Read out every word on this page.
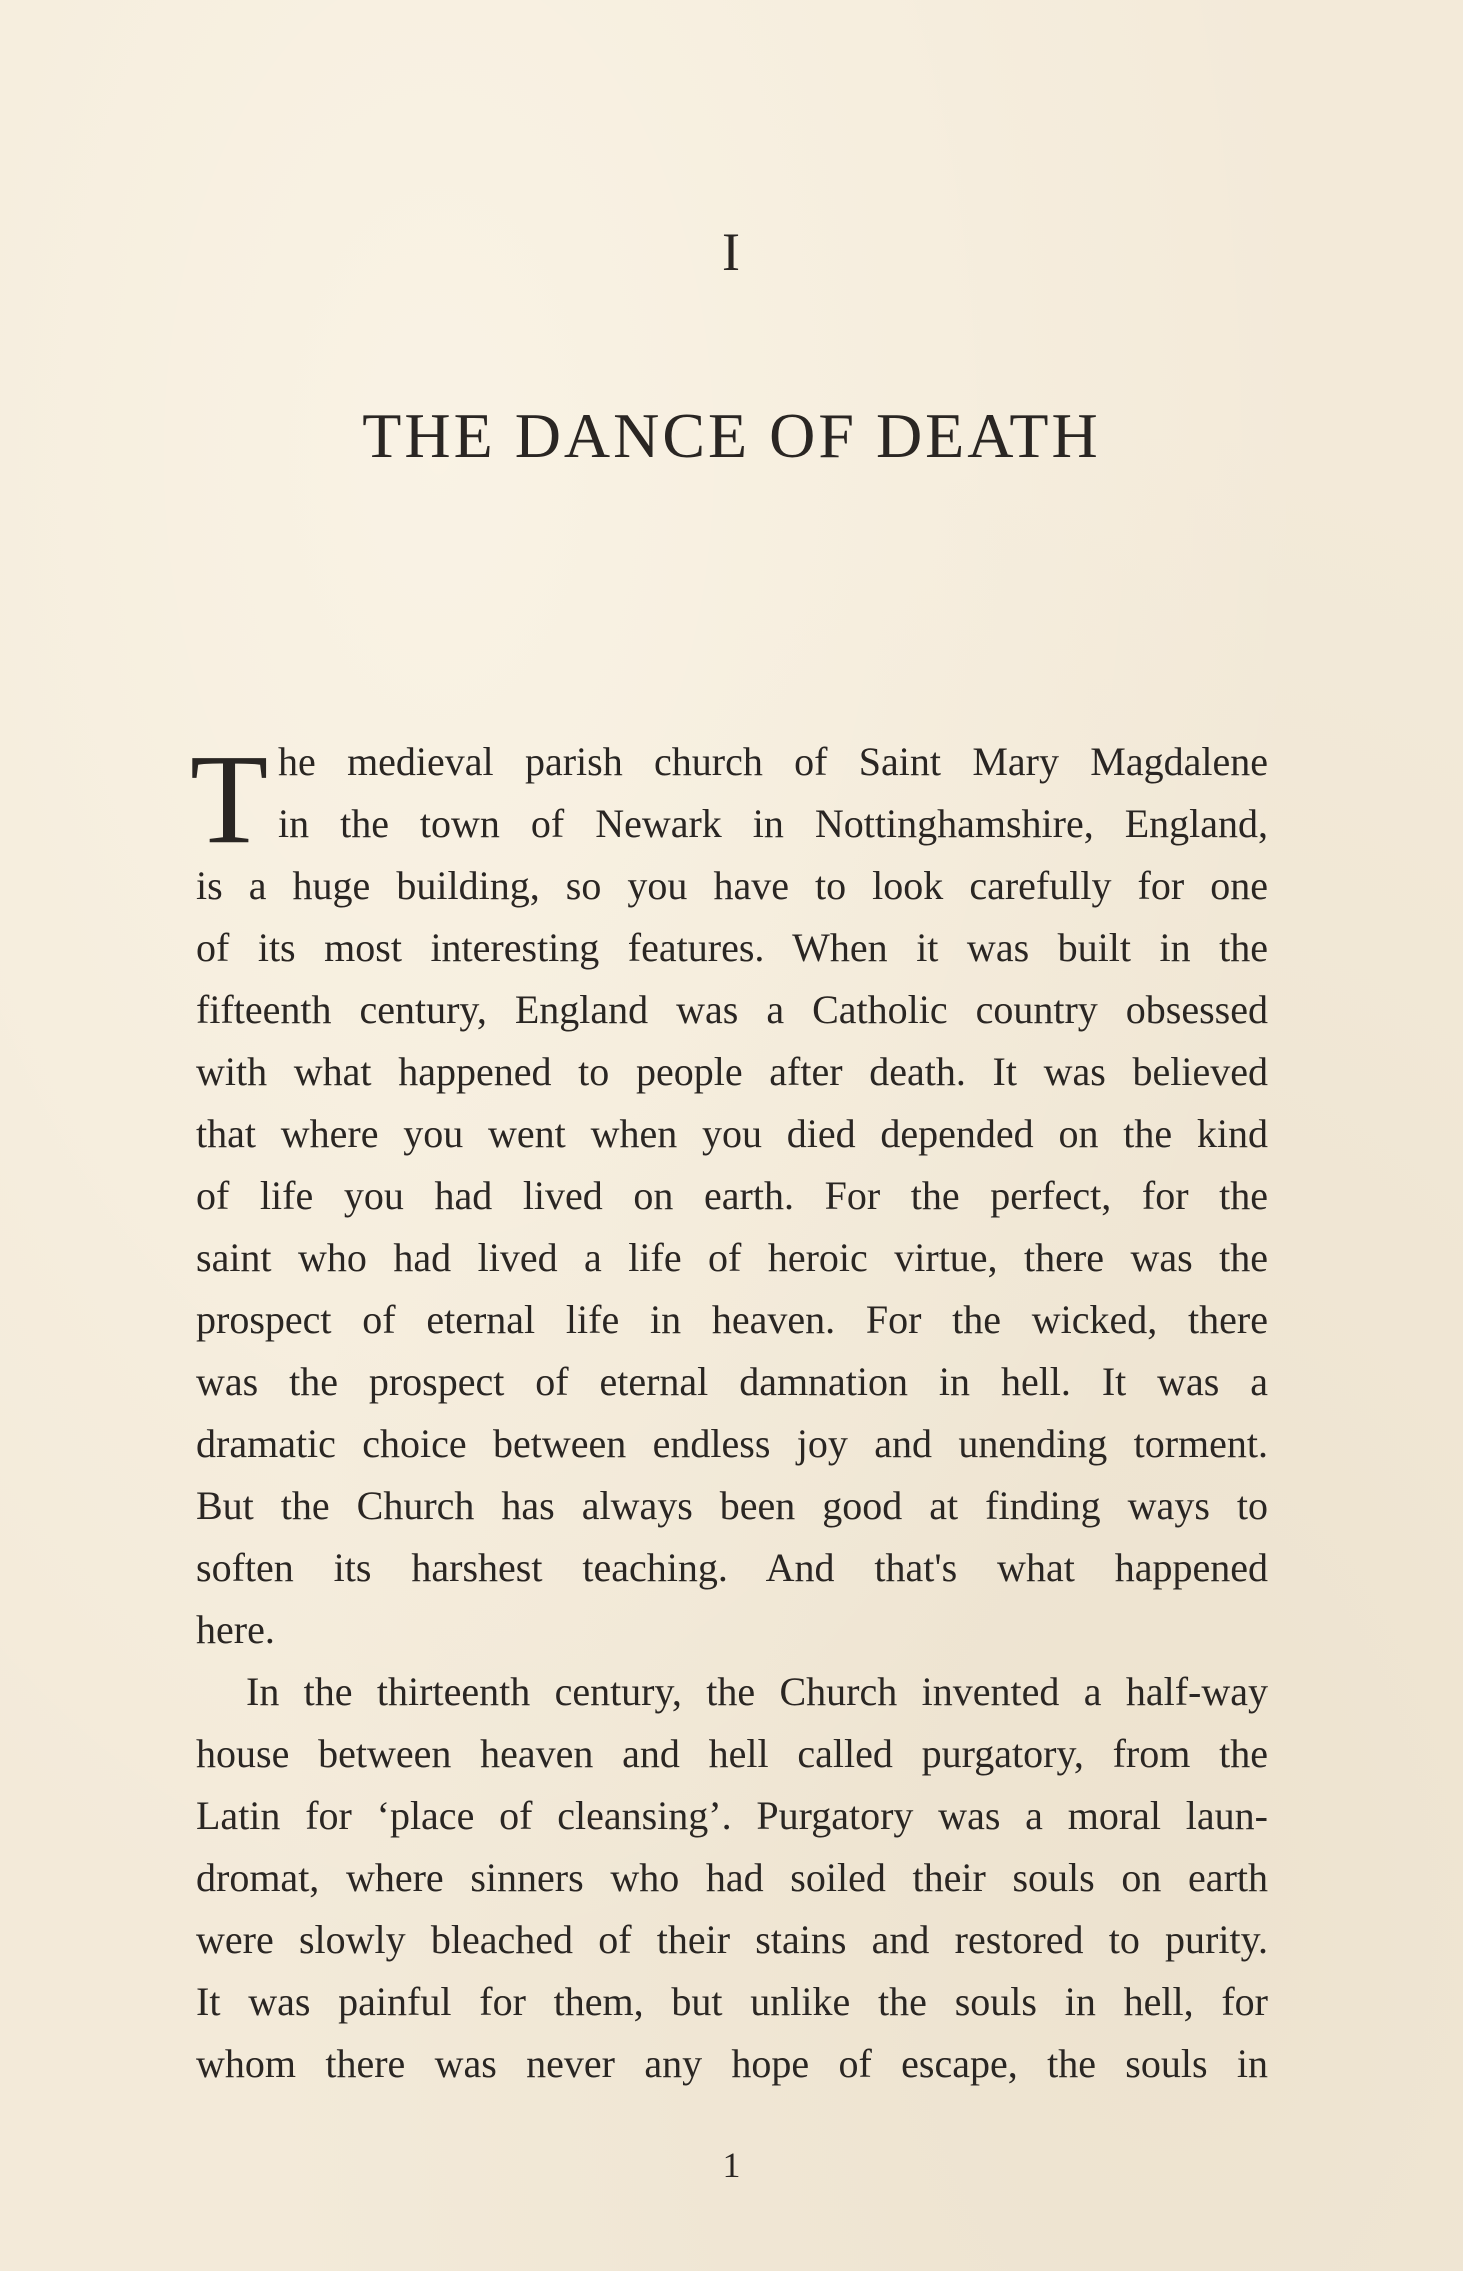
I
THE DANCE OF DEATH
T he medieval parish church of Saint Mary Magdalene
in the town of Newark in Nottinghamshire, England,
is a huge building, so you have to look carefully for one
of its most interesting features. When it was built in the
fifteenth century, England was a Catholic country obsessed
with what happened to people after death. It was believed
that where you went when you died depended on the kind
of life you had lived on earth. For the perfect, for the
saint who had lived a life of heroic virtue, there was the
prospect of eternal life in heaven. For the wicked, there
was the prospect of eternal damnation in hell. It was a
dramatic choice between endless joy and unending torment.
But the Church has always been good at finding ways to
soften its harshest teaching. And that's what happened
here.
In the thirteenth century, the Church invented a half-way
house between heaven and hell called purgatory, from the
Latin for ‘place of cleansing’. Purgatory was a moral laun-
dromat, where sinners who had soiled their souls on earth
were slowly bleached of their stains and restored to purity.
It was painful for them, but unlike the souls in hell, for
whom there was never any hope of escape, the souls in
1
